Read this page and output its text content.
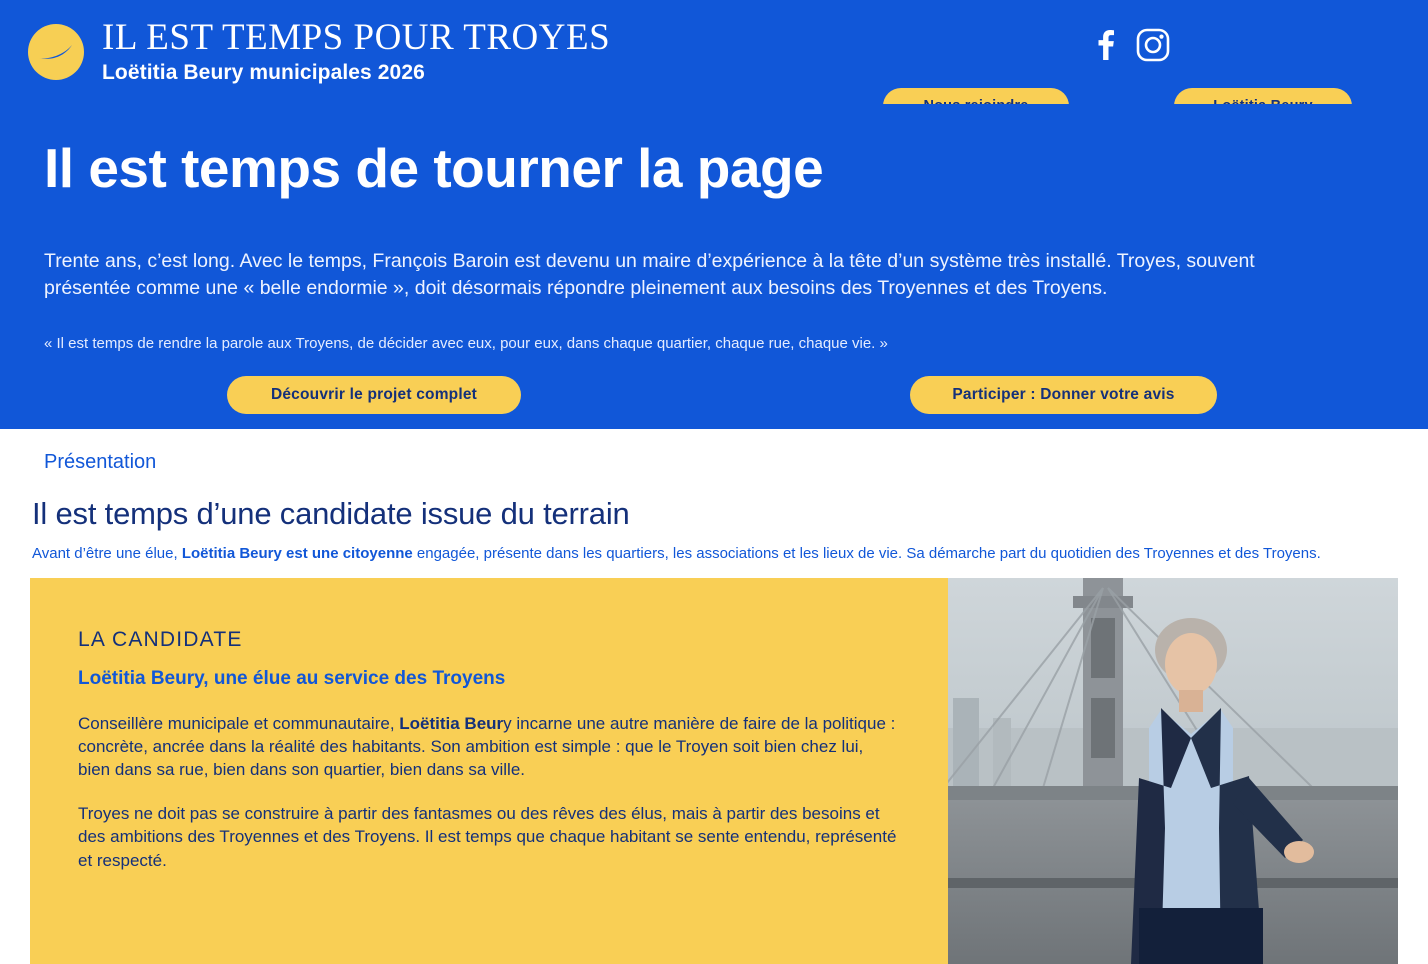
IL EST TEMPS POUR TROYES
Loëtitia Beury municipales 2026
Il est temps de tourner la page

Trente ans, c’est long. Avec le temps, François Baroin est devenu un maire d’expérience à la tête d’un système très installé. Troyes, souvent présentée comme une « belle endormie », doit désormais répondre pleinement aux besoins des Troyennes et des Troyens.

« Il est temps de rendre la parole aux Troyens, de décider avec eux, pour eux, dans chaque quartier, chaque rue, chaque vie. »

Découvrir le projet complet	Participer : Donner votre avis
Présentation
Il est temps d’une candidate issue du terrain

Avant d’être une élue, Loëtitia Beury est une citoyenne engagée, présente dans les quartiers, les associations et les lieux de vie. Sa démarche part du quotidien des Troyennes et des Troyens.

LA CANDIDATE
Loëtitia Beury, une élue au service des Troyens

Conseillère municipale et communautaire, Loëtitia Beury incarne une autre manière de faire de la politique : concrète, ancrée dans la réalité des habitants. Son ambition est simple : que le Troyen soit bien chez lui, bien dans sa rue, bien dans son quartier, bien dans sa ville.

Troyes ne doit pas se construire à partir des fantasmes ou des rêves des élus, mais à partir des besoins et des ambitions des Troyennes et des Troyens. Il est temps que chaque habitant se sente entendu, représenté et respecté.
